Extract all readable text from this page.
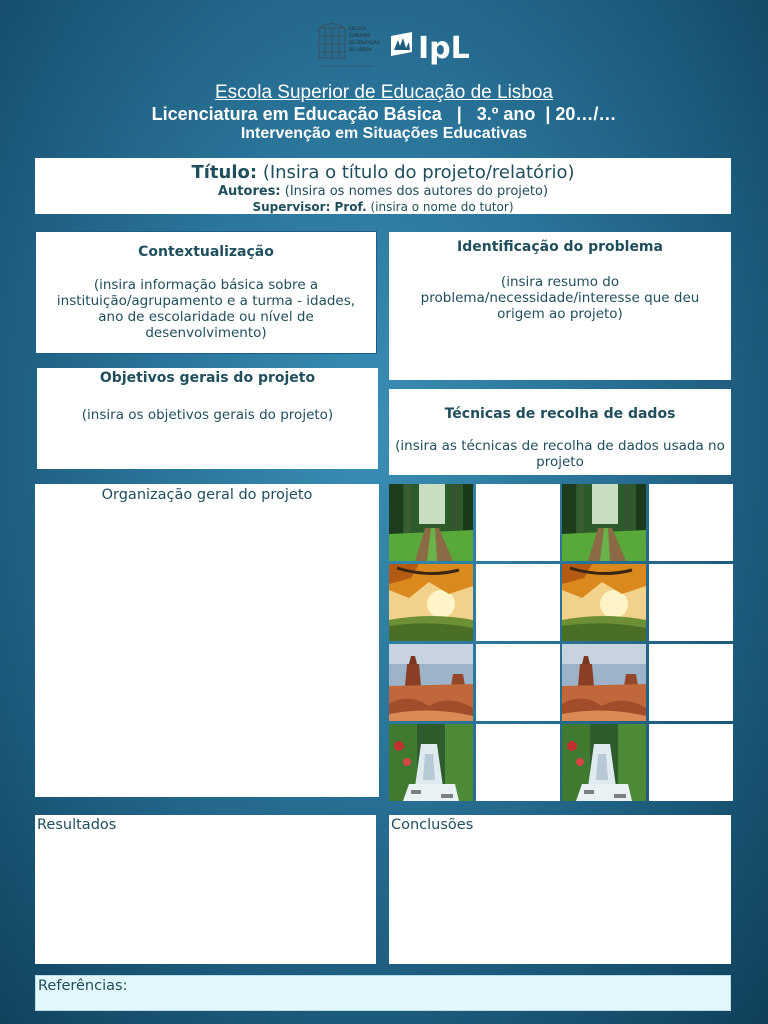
ESCOLA
SUPERIOR
DE EDUCAÇÃO
DE LISBOA IpL
Escola Superior de Educação de Lisboa
Licenciatura em Educação Básica   |   3.º ano  | 20…/…
Intervenção em Situações Educativas
Título: (Insira o título do projeto/relatório)
Autores: (Insira os nomes dos autores do projeto)
Supervisor: Prof. (insira o nome do tutor)
Contextualização
(insira informação básica sobre a instituição/agrupamento e a turma - idades, ano de escolaridade ou nível de desenvolvimento)
Identificação do problema
(insira resumo do problema/necessidade/interesse que deu origem ao projeto)
Objetivos gerais do projeto
(insira os objetivos gerais do projeto)	Técnicas de recolha de dados
(insira as técnicas de recolha de dados usada no projeto
Organização geral do projeto
Resultados	Conclusões
Referências:
